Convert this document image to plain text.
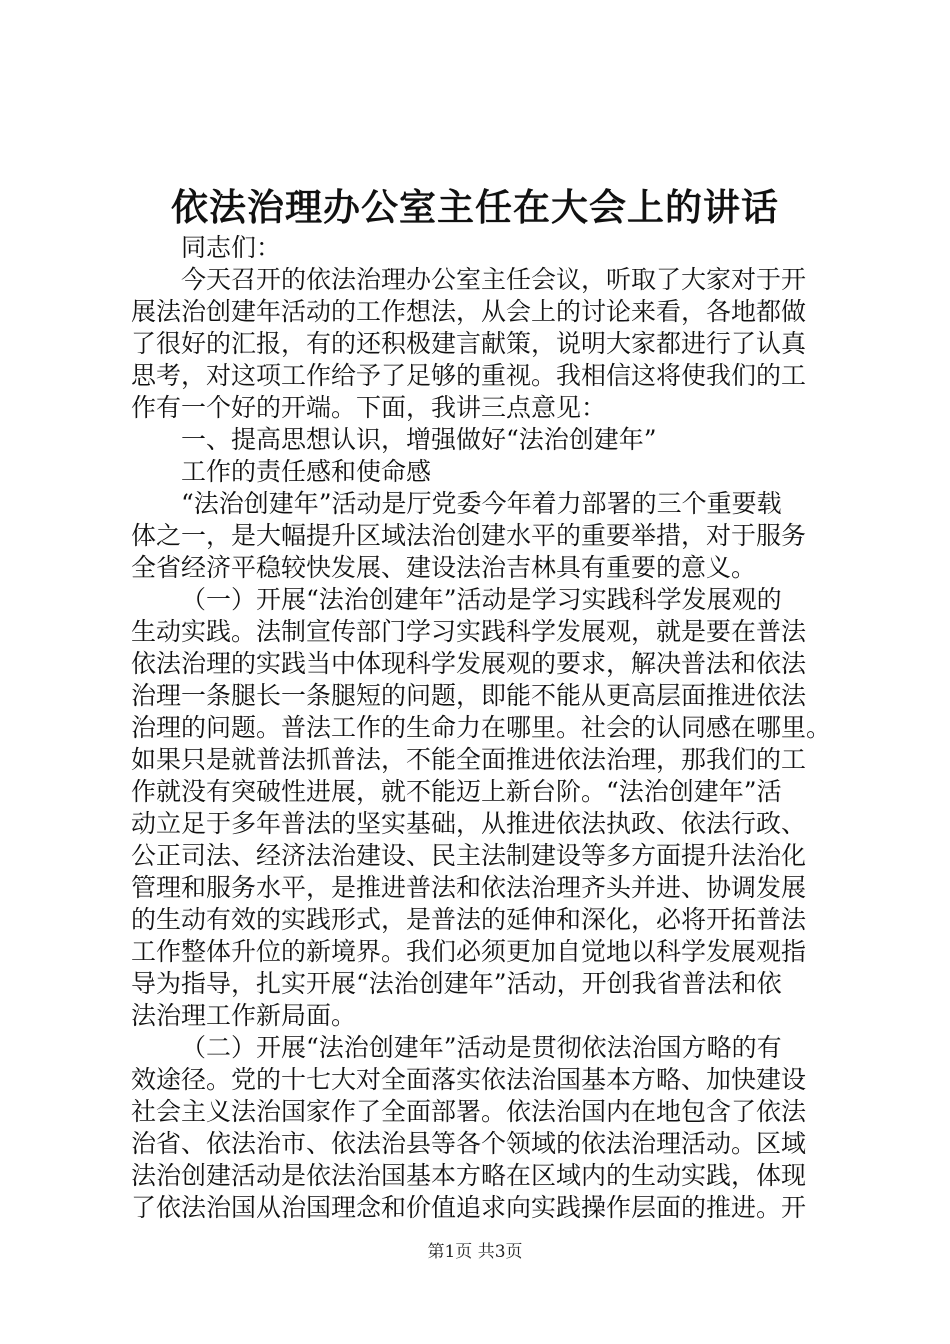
依法治理办公室主任在大会上的讲话
同志们：
今天召开的依法治理办公室主任会议，听取了大家对于开
展法治创建年活动的工作想法，从会上的讨论来看，各地都做
了很好的汇报，有的还积极建言献策，说明大家都进行了认真
思考，对这项工作给予了足够的重视。我相信这将使我们的工
作有一个好的开端。下面，我讲三点意见：
一、提高思想认识，增强做好“法治创建年”
工作的责任感和使命感
“法治创建年”活动是厅党委今年着力部署的三个重要载
体之一，是大幅提升区域法治创建水平的重要举措，对于服务
全省经济平稳较快发展、建设法治吉林具有重要的意义。
（一）开展“法治创建年”活动是学习实践科学发展观的
生动实践。法制宣传部门学习实践科学发展观，就是要在普法
依法治理的实践当中体现科学发展观的要求，解决普法和依法
治理一条腿长一条腿短的问题，即能不能从更高层面推进依法
治理的问题。普法工作的生命力在哪里。社会的认同感在哪里。
如果只是就普法抓普法，不能全面推进依法治理，那我们的工
作就没有突破性进展，就不能迈上新台阶。“法治创建年”活
动立足于多年普法的坚实基础，从推进依法执政、依法行政、
公正司法、经济法治建设、民主法制建设等多方面提升法治化
管理和服务水平，是推进普法和依法治理齐头并进、协调发展
的生动有效的实践形式，是普法的延伸和深化，必将开拓普法
工作整体升位的新境界。我们必须更加自觉地以科学发展观指
导为指导，扎实开展“法治创建年”活动，开创我省普法和依
法治理工作新局面。
（二）开展“法治创建年”活动是贯彻依法治国方略的有
效途径。党的十七大对全面落实依法治国基本方略、加快建设
社会主义法治国家作了全面部署。依法治国内在地包含了依法
治省、依法治市、依法治县等各个领域的依法治理活动。区域
法治创建活动是依法治国基本方略在区域内的生动实践，体现
了依法治国从治国理念和价值追求向实践操作层面的推进。开
第1页 共3页
